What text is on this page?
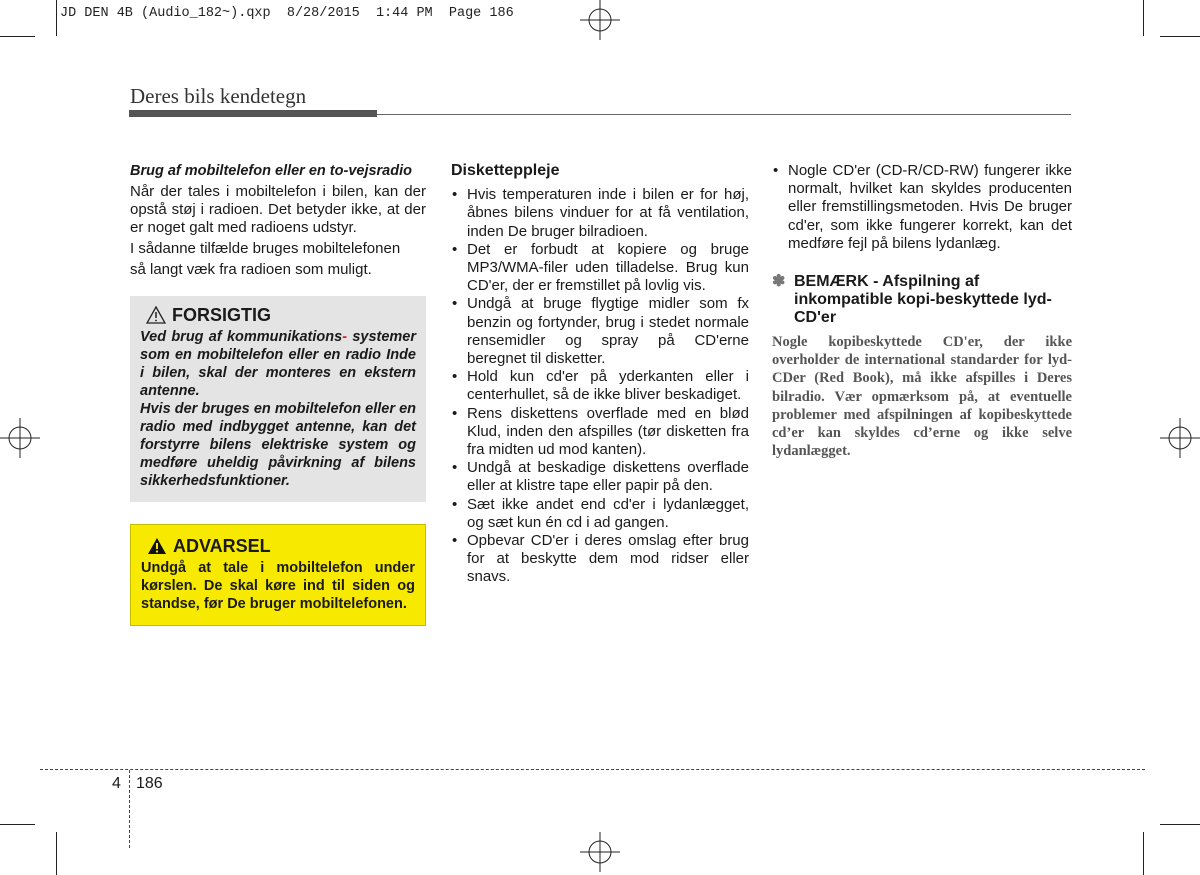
JD DEN 4B (Audio_182~).qxp  8/28/2015  1:44 PM  Page 186
Deres bils kendetegn

Brug af mobiltelefon eller en to-vejsradio

Når der tales i mobiltelefon i bilen, kan der opstå støj i radioen. Det betyder ikke, at der er noget galt med radioens udstyr.

I sådanne tilfælde bruges mobiltelefonen

så langt væk fra radioen som muligt.

FORSIGTIG

Ved brug af kommunikations- systemer som en mobiltelefon eller en radio Inde i bilen, skal der monteres en ekstern antenne.

Hvis der bruges en mobiltelefon eller en radio med indbygget antenne, kan det forstyrre bilens elektriske system og medføre uheldig påvirkning af bilens sikkerhedsfunktioner.

ADVARSEL

Undgå at tale i mobiltelefon under kørslen. De skal køre ind til siden og standse, før De bruger mobiltelefonen.

Disketteppleje

• Hvis temperaturen inde i bilen er for høj, åbnes bilens vinduer for at få ventilation, inden De bruger bilradioen.
• Det er forbudt at kopiere og bruge MP3/WMA-filer uden tilladelse. Brug kun CD'er, der er fremstillet på lovlig vis.
• Undgå at bruge flygtige midler som fx benzin og fortynder, brug i stedet normale rensemidler og spray på CD'erne beregnet til disketter.
• Hold kun cd'er på yderkanten eller i centerhullet, så de ikke bliver beskadiget.
• Rens diskettens overflade med en blød Klud, inden den afspilles (tør disketten fra fra midten ud mod kanten).
• Undgå at beskadige diskettens overflade eller at klistre tape eller papir på den.
• Sæt ikke andet end cd'er i lydanlægget, og sæt kun én cd i ad gangen.
• Opbevar CD'er i deres omslag efter brug for at beskytte dem mod ridser eller snavs.
• Nogle CD'er (CD-R/CD-RW) fungerer ikke normalt, hvilket kan skyldes producenten eller fremstillingsmetoden. Hvis De bruger cd'er, som ikke fungerer korrekt, kan det medføre fejl på bilens lydanlæg.
✽ BEMÆRK - Afspilning af inkompatible kopi-beskyttede lyd-CD'er

Nogle kopibeskyttede CD'er, der ikke overholder de international standarder for lyd-CDer (Red Book), må ikke afspilles i Deres bilradio. Vær opmærksom på, at eventuelle problemer med afspilningen af kopibeskyttede cd’er kan skyldes cd’erne og ikke selve lydanlægget.

4 186
